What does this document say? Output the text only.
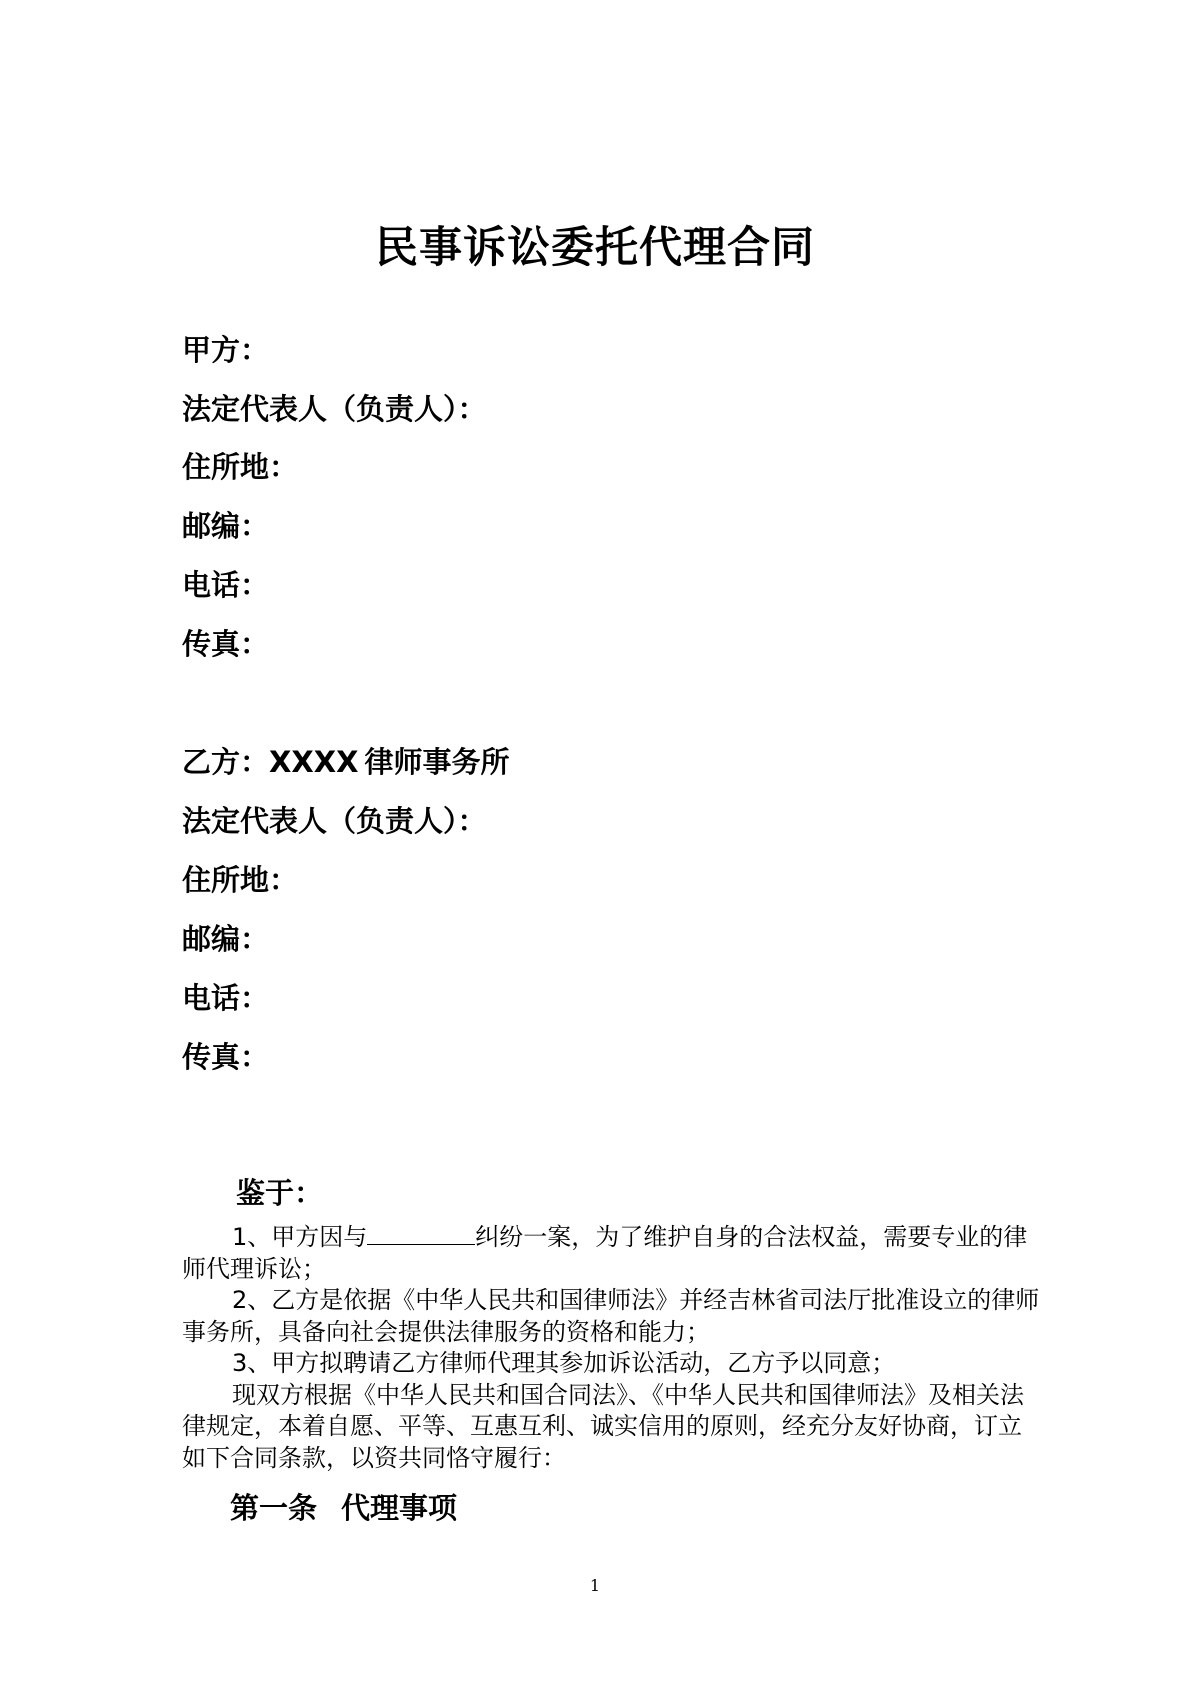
民事诉讼委托代理合同
甲方：
法定代表人（负责人）：
住所地：
邮编：
电话：
传真：
乙方：XXXX 律师事务所
法定代表人（负责人）：
住所地：
邮编：
电话：
传真：
鉴于：

1、甲方因与	纠纷一案，为了维护自身的合法权益，需要专业的律师代理诉讼；

2、乙方是依据《中华人民共和国律师法》并经吉林省司法厅批准设立的律师事务所，具备向社会提供法律服务的资格和能力；

3、甲方拟聘请乙方律师代理其参加诉讼活动，乙方予以同意；

现双方根据《中华人民共和国合同法》、《中华人民共和国律师法》及相关法律规定，本着自愿、平等、互惠互利、诚实信用的原则，经充分友好协商，订立如下合同条款，以资共同恪守履行：

第一条 代理事项
1
